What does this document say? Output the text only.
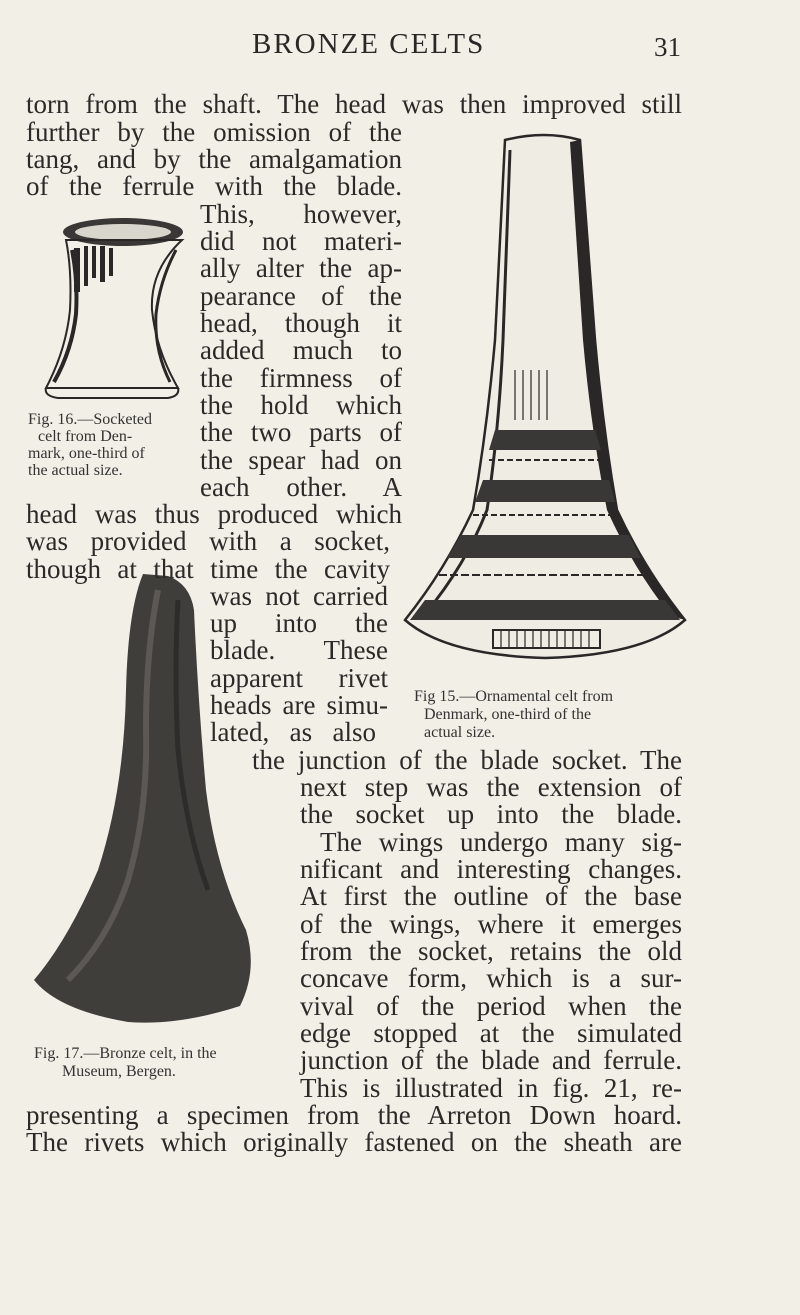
BRONZE CELTS	31
torn from the shaft. The head was then improved still
further by the omission of the
tang, and by the amalgamation
of the ferrule with the blade.
This, however,
did not materi-
ally alter the ap-
pearance of the
head, though it
added much to
the firmness of
the hold which
the two parts of
the spear had on
each other. A
head was thus produced which
was provided with a socket,
though at that time the cavity
was not carried
up into the
blade. These
apparent rivet
heads are simu-
lated, as also
the junction of the blade socket. The
next step was the extension of
the socket up into the blade.
The wings undergo many sig-
nificant and interesting changes.
At first the outline of the base
of the wings, where it emerges
from the socket, retains the old
concave form, which is a sur-
vival of the period when the
edge stopped at the simulated
junction of the blade and ferrule.
This is illustrated in fig. 21, re-
presenting a specimen from the Arreton Down hoard.
The rivets which originally fastened on the sheath are
Fig. 16.—Socketed
celt from Den-
mark, one-third of
the actual size.
Fig 15.—Ornamental celt from
Denmark, one-third of the
actual size.
Fig. 17.—Bronze celt, in the
Museum, Bergen.
